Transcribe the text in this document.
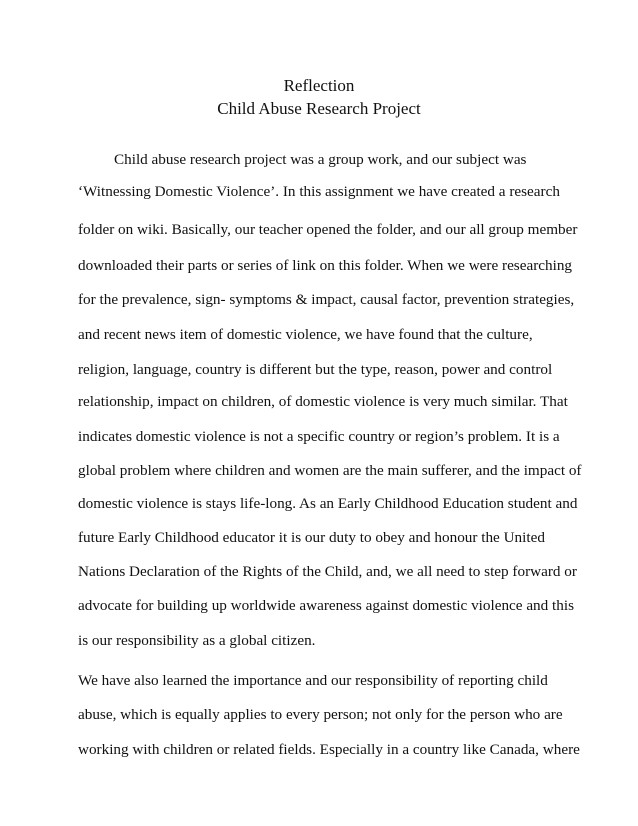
Reflection
Child Abuse Research Project
Child abuse research project was a group work, and our subject was
‘Witnessing Domestic Violence’. In this assignment we have created a research
folder on wiki. Basically, our teacher opened the folder, and our all group member
downloaded their parts or series of link on this folder. When we were researching
for the prevalence, sign- symptoms & impact, causal factor, prevention strategies,
and recent news item of domestic violence, we have found that the culture,
religion, language, country is different but the type, reason, power and control
relationship, impact on children, of domestic violence is very much similar. That
indicates domestic violence is not a specific country or region’s problem. It is a
global problem where children and women are the main sufferer, and the impact of
domestic violence is stays life-long. As an Early Childhood Education student and
future Early Childhood educator it is our duty to obey and honour the United
Nations Declaration of the Rights of the Child, and, we all need to step forward or
advocate for building up worldwide awareness against domestic violence and this
is our responsibility as a global citizen.
We have also learned the importance and our responsibility of reporting child
abuse, which is equally applies to every person; not only for the person who are
working with children or related fields. Especially in a country like Canada, where
